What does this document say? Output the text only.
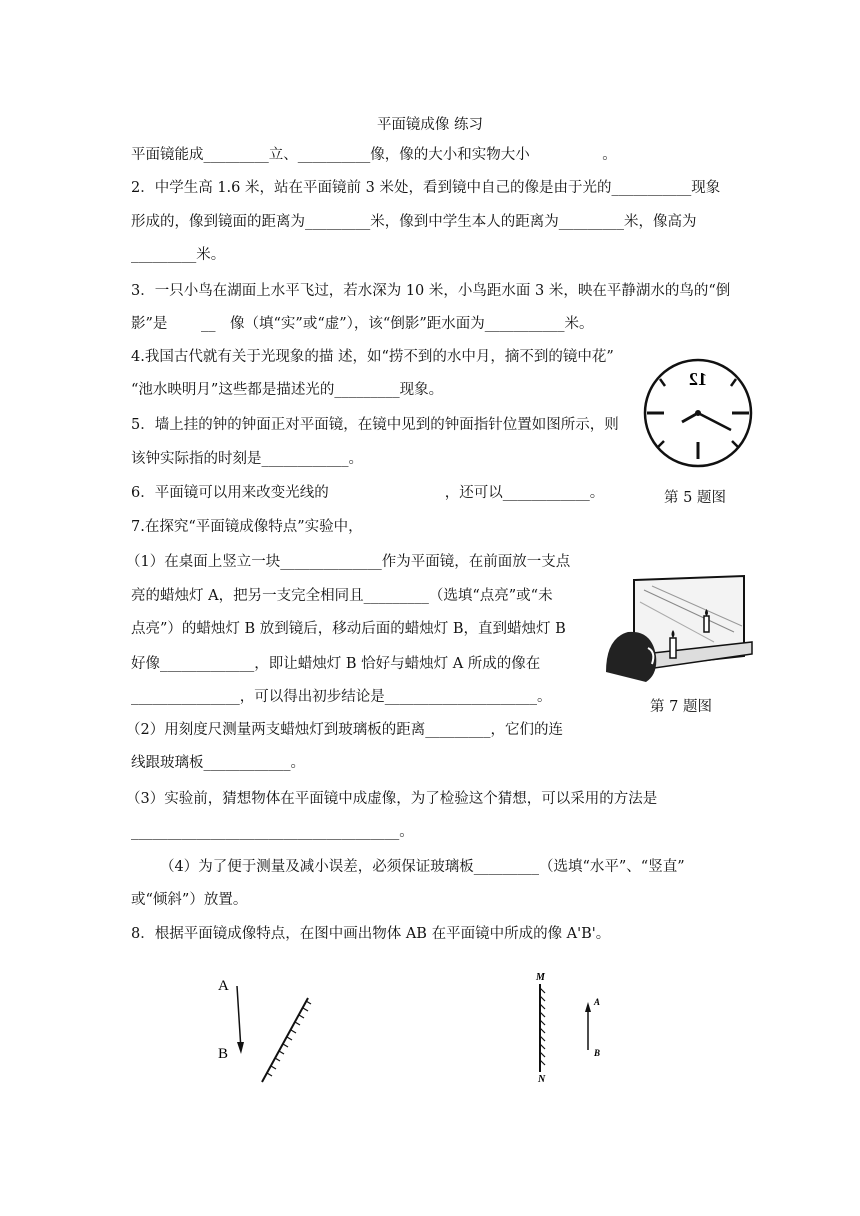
平面镜成像 练习
平面镜能成_________立、__________像，像的大小和实物大小　　　　　。
2．中学生高 1.6 米，站在平面镜前 3 米处，看到镜中自己的像是由于光的___________现象
形成的，像到镜面的距离为_________米，像到中学生本人的距离为_________米，像高为
_________米。
3．一只小鸟在湖面上水平飞过，若水深为 10 米，小鸟距水面 3 米，映在平静湖水的鸟的“倒
影”是　　 __　像（填“实”或“虚”），该“倒影”距水面为___________米。
4.我国古代就有关于光现象的描 述，如“捞不到的水中月，摘不到的镜中花”
“池水映明月”这些都是描述光的_________现象。
5．墙上挂的钟的钟面正对平面镜，在镜中见到的钟面指针位置如图所示，则
该钟实际指的时刻是____________。
6．平面镜可以用来改变光线的　　　　　　　　，还可以____________。
12
第 5 题图
7.在探究“平面镜成像特点”实验中，
（1）在桌面上竖立一块______________作为平面镜，在前面放一支点
亮的蜡烛灯 A，把另一支完全相同且_________（选填“点亮”或“未
点亮”）的蜡烛灯 B 放到镜后，移动后面的蜡烛灯 B，直到蜡烛灯 B
好像_____________，即让蜡烛灯 B 恰好与蜡烛灯 A 所成的像在
_______________，可以得出初步结论是_____________________。
第 7 题图
（2）用刻度尺测量两支蜡烛灯到玻璃板的距离_________，它们的连
线跟玻璃板____________。
（3）实验前，猜想物体在平面镜中成虚像，为了检验这个猜想，可以采用的方法是
_____________________________________。
（4）为了便于测量及减小误差，必须保证玻璃板_________（选填“水平”、“竖直”
或“倾斜”）放置。
8．根据平面镜成像特点，在图中画出物体 AB 在平面镜中所成的像 A'B'。
A
B
M
N
A
B
